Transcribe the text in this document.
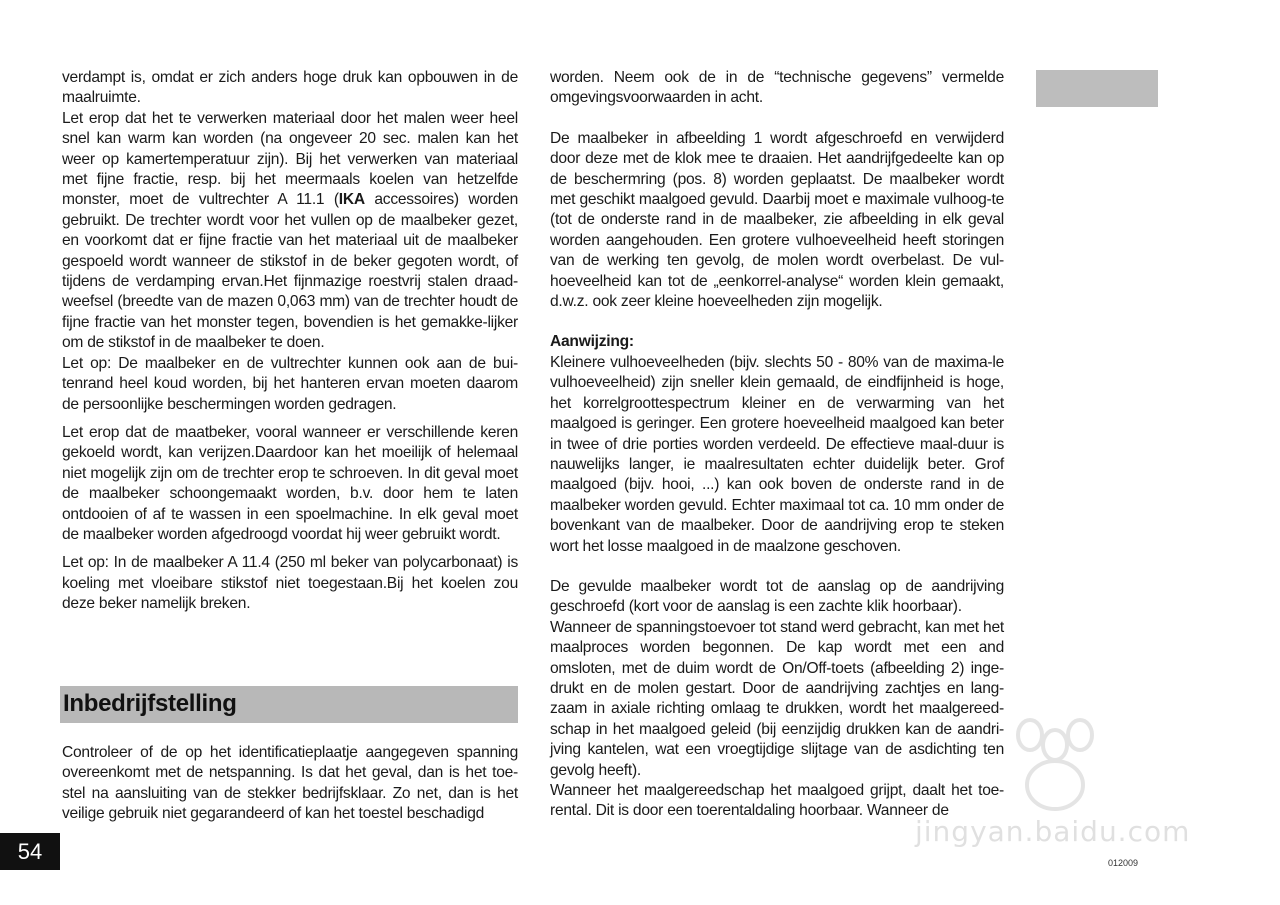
verdampt is, omdat er zich anders hoge druk kan opbouwen in de maalruimte.

Let erop dat het te verwerken materiaal door het malen weer heel snel kan warm kan worden (na ongeveer 20 sec. malen kan het weer op kamertemperatuur zijn). Bij het verwerken van materiaal met fijne fractie, resp. bij het meermaals koelen van hetzelfde monster, moet de vultrechter A 11.1 (IKA accessoires) worden gebruikt. De trechter wordt voor het vullen op de maalbeker gezet, en voorkomt dat er fijne fractie van het materiaal uit de maalbeker gespoeld wordt wanneer de stikstof in de beker gegoten wordt, of tijdens de verdamping ervan.Het fijnmazige roestvrij stalen draad-weefsel (breedte van de mazen 0,063 mm) van de trechter houdt de fijne fractie van het monster tegen, bovendien is het gemakke-lijker om de stikstof in de maalbeker te doen.

Let op: De maalbeker en de vultrechter kunnen ook aan de bui-tenrand heel koud worden, bij het hanteren ervan moeten daarom de persoonlijke beschermingen worden gedragen.

Let erop dat de maatbeker, vooral wanneer er verschillende keren gekoeld wordt, kan verijzen.Daardoor kan het moeilijk of helemaal niet mogelijk zijn om de trechter erop te schroeven. In dit geval moet de maalbeker schoongemaakt worden, b.v. door hem te laten ontdooien of af te wassen in een spoelmachine. In elk geval moet de maalbeker worden afgedroogd voordat hij weer gebruikt wordt.

Let op: In de maalbeker A 11.4 (250 ml beker van polycarbonaat) is koeling met vloeibare stikstof niet toegestaan.Bij het koelen zou deze beker namelijk breken.

Inbedrijfstelling

Controleer of de op het identificatieplaatje aangegeven spanning overeenkomt met de netspanning. Is dat het geval, dan is het toe-stel na aansluiting van de stekker bedrijfsklaar. Zo net, dan is het veilige gebruik niet gegarandeerd of kan het toestel beschadigd

worden. Neem ook de in de “technische gegevens” vermelde omgevingsvoorwaarden in acht.

De maalbeker in afbeelding 1 wordt afgeschroefd en verwijderd door deze met de klok mee te draaien. Het aandrijfgedeelte kan op de beschermring (pos. 8) worden geplaatst. De maalbeker wordt met geschikt maalgoed gevuld. Daarbij moet e maximale vulhoog-te (tot de onderste rand in de maalbeker, zie afbeelding in elk geval worden aangehouden. Een grotere vulhoeveelheid heeft storingen van de werking ten gevolg, de molen wordt overbelast. De vul-hoeveelheid kan tot de „eenkorrel-analyse“ worden klein gemaakt, d.w.z. ook zeer kleine hoeveelheden zijn mogelijk.

Aanwijzing:

Kleinere vulhoeveelheden (bijv. slechts 50 - 80% van de maxima-le vulhoeveelheid) zijn sneller klein gemaald, de eindfijnheid is hoge, het korrelgroottespectrum kleiner en de verwarming van het maalgoed is geringer. Een grotere hoeveelheid maalgoed kan beter in twee of drie porties worden verdeeld. De effectieve maal-duur is nauwelijks langer, ie maalresultaten echter duidelijk beter. Grof maalgoed (bijv. hooi, ...) kan ook boven de onderste rand in de maalbeker worden gevuld. Echter maximaal tot ca. 10 mm onder de bovenkant van de maalbeker. Door de aandrijving erop te steken wort het losse maalgoed in de maalzone geschoven.

De gevulde maalbeker wordt tot de aanslag op de aandrijving geschroefd (kort voor de aanslag is een zachte klik hoorbaar).

Wanneer de spanningstoevoer tot stand werd gebracht, kan met het maalproces worden begonnen. De kap wordt met een and omsloten, met de duim wordt de On/Off-toets (afbeelding 2) inge-drukt en de molen gestart. Door de aandrijving zachtjes en lang-zaam in axiale richting omlaag te drukken, wordt het maalgereed-schap in het maalgoed geleid (bij eenzijdig drukken kan de aandri-jving kantelen, wat een vroegtijdige slijtage van de asdichting ten gevolg heeft).

Wanneer het maalgereedschap het maalgoed grijpt, daalt het toe-rental. Dit is door een toerentaldaling hoorbaar. Wanneer de

54	012009
jingyan.baidu.com
